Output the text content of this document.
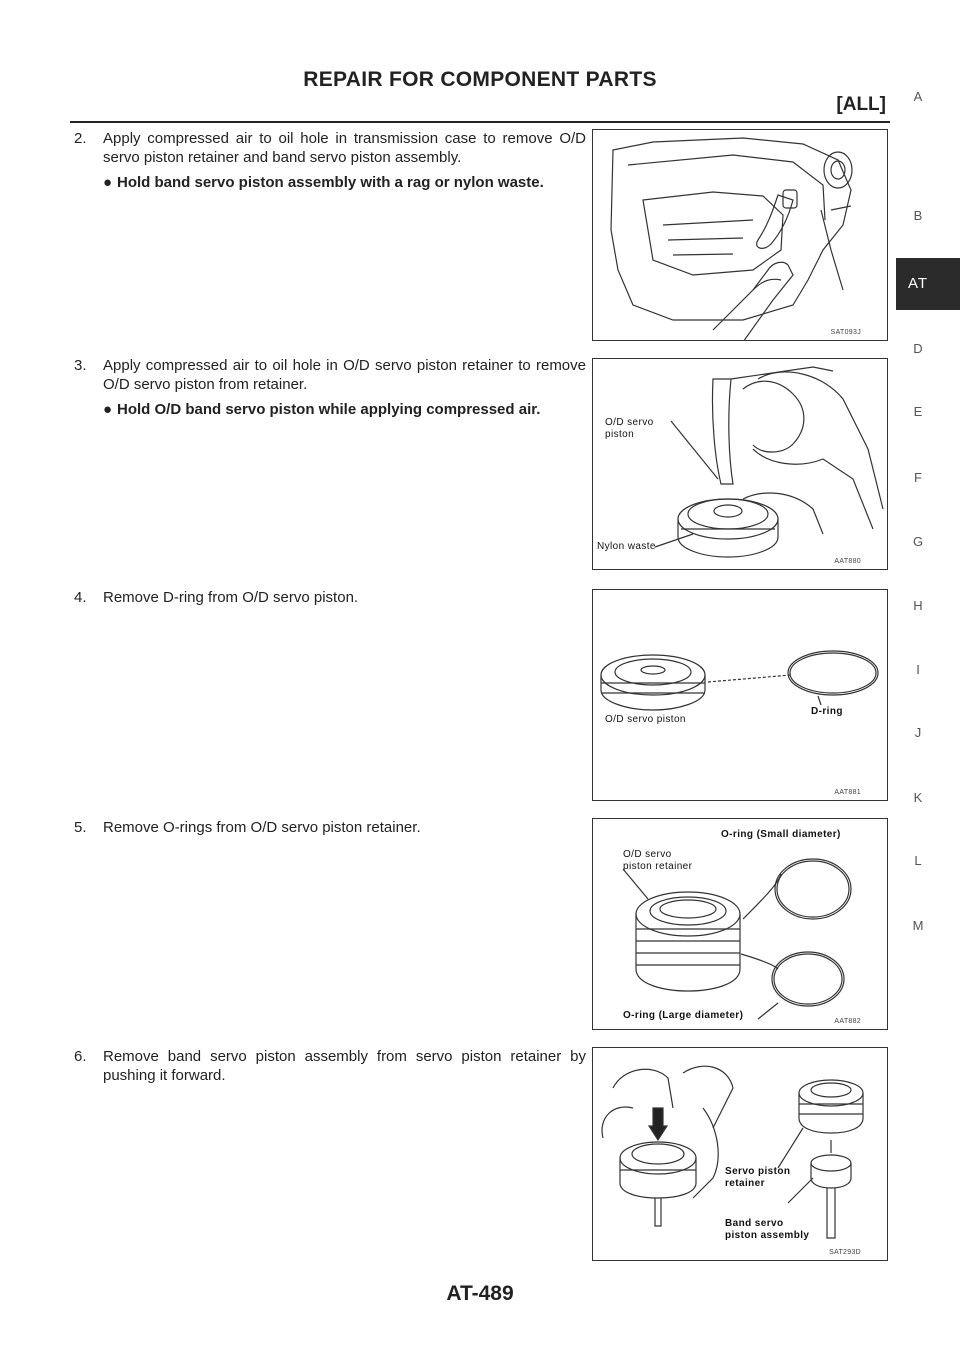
REPAIR FOR COMPONENT PARTS
[ALL]	A
B
AT
D
E
F
G
H
I
J
K
L
M
2. Apply compressed air to oil hole in transmission case to remove O/D servo piston retainer and band servo piston assembly.
● Hold band servo piston assembly with a rag or nylon waste.
3. Apply compressed air to oil hole in O/D servo piston retainer to remove O/D servo piston from retainer.
● Hold O/D band servo piston while applying compressed air.
4. Remove D-ring from O/D servo piston.
5. Remove O-rings from O/D servo piston retainer.
6. Remove band servo piston assembly from servo piston retainer by pushing it forward.
SAT093J
O/D servo
piston
Nylon waste
AAT880
O/D servo piston
D-ring
AAT881
O-ring (Small diameter)
O/D servo
piston retainer
O-ring (Large diameter)
AAT882
Servo piston
retainer
Band servo
piston assembly
SAT293D
AT-489
